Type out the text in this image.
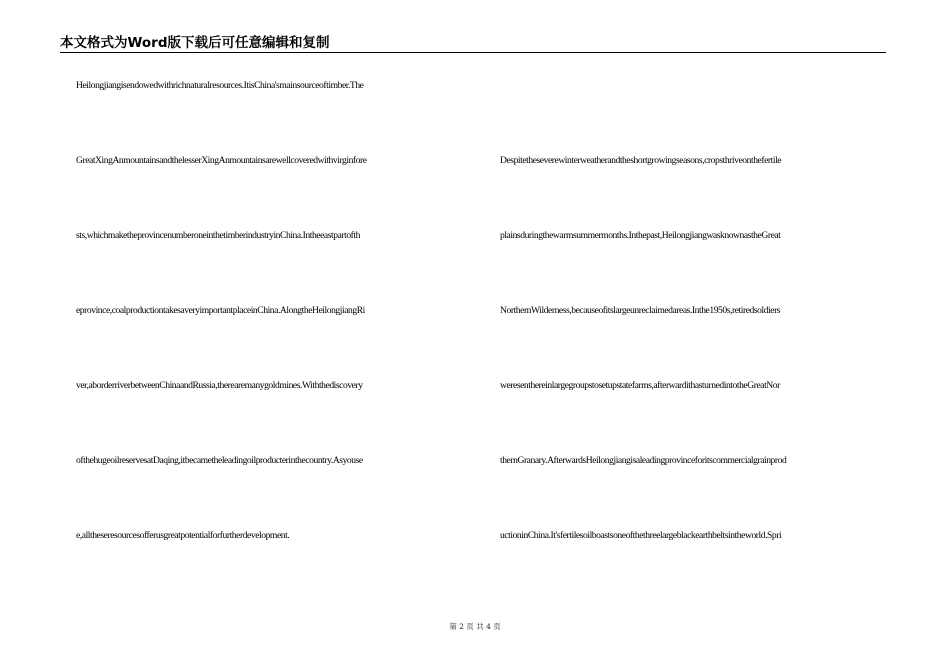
本文格式为Word版下载后可任意编辑和复制
Heilongjiangisendowedwithrichnaturalresources.ItisChina'smainsourceoftimber.The
GreatXingAnmountainsandthelesserXingAnmountainsarewellcoveredwithvirginfore
sts,whichmaketheprovincenumberoneinthetimberindustryinChina.Intheeastpartofth
eprovince,coalproductiontakesaveryimportantplaceinChina.AlongtheHeilongjiangRi
ver,aborderriverbetweenChinaandRussia,therearemanygoldmines.Withthediscovery
ofthehugeoilreservesatDaqing,itbecametheleadingoilproducterinthecountry.Asyouse
e,alltheseresourcesofferusgreatpotentialforfurtherdevelopment.
Despitetheseverewinterweatherandtheshortgrowingseasons,cropsthriveonthefertile
plainsduringthewarmsummermonths.Inthepast,HeilongjiangwasknownastheGreat
NorthernWilderness,becauseofitslargeunreclaimedareas.Inthe1950s,retiredsoldiers
weresenthereinlargegroupstosetupstatefarms,afterwardithasturnedintotheGreatNor
thernGranary.AfterwardsHeilongjiangisaleadingprovinceforitscommercialgrainprod
uctioninChina.It'sfertilesoilboastsoneofthethreelargeblackearthbeltsintheworld.Spri
第 2 页 共 4 页
